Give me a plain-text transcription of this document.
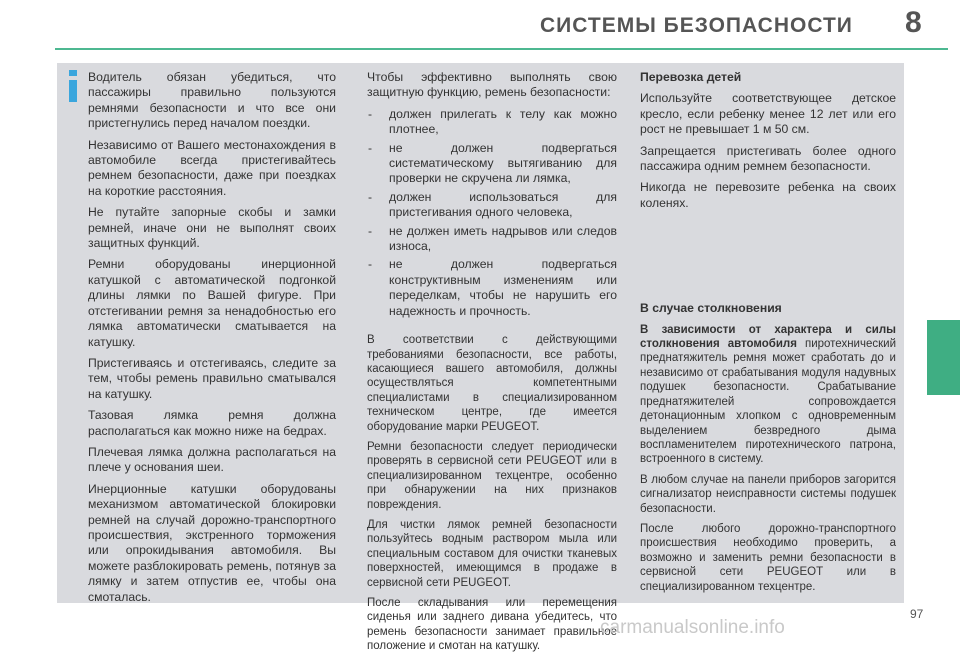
СИСТЕМЫ БЕЗОПАСНОСТИ	8

Водитель обязан убедиться, что пассажиры правильно пользуются ремнями безопасности и что все они пристегнулись перед началом поездки.

Независимо от Вашего местонахождения в автомобиле всегда пристегивайтесь ремнем безопасности, даже при поездках на короткие расстояния.

Не путайте запорные скобы и замки ремней, иначе они не выполнят своих защитных функций.

Ремни оборудованы инерционной катушкой с автоматической подгонкой длины лямки по Вашей фигуре. При отстегивании ремня за ненадобностью его лямка автоматически сматывается на катушку.

Пристегиваясь и отстегиваясь, следите за тем, чтобы ремень правильно сматывался на катушку.

Тазовая лямка ремня должна располагаться как можно ниже на бедрах.

Плечевая лямка должна располагаться на плече у основания шеи.

Инерционные катушки оборудованы механизмом автоматической блокировки ремней на случай дорожно-транспортного происшествия, экстренного торможения или опрокидывания автомобиля. Вы можете разблокировать ремень, потянув за лямку и затем отпустив ее, чтобы она смоталась.

Чтобы эффективно выполнять свою защитную функцию, ремень безопасности:

- должен прилегать к телу как можно плотнее,
- не должен подвергаться систематическому вытягиванию для проверки не скручена ли лямка,
- должен использоваться для пристегивания одного человека,
- не должен иметь надрывов или следов износа,
- не должен подвергаться конструктивным изменениям или переделкам, чтобы не нарушить его надежность и прочность.

В соответствии с действующими требованиями безопасности, все работы, касающиеся вашего автомобиля, должны осуществляться компетентными специалистами в специализированном техническом центре, где имеется оборудование марки PEUGEOT.

Ремни безопасности следует периодически проверять в сервисной сети PEUGEOT или в специализированном техцентре, особенно при обнаружении на них признаков повреждения.

Для чистки лямок ремней безопасности пользуйтесь водным раствором мыла или специальным составом для очистки тканевых поверхностей, имеющимся в продаже в сервисной сети PEUGEOT.

После складывания или перемещения сиденья или заднего дивана убедитесь, что ремень безопасности занимает правильное положение и смотан на катушку.

Перевозка детей

Используйте соответствующее детское кресло, если ребенку менее 12 лет или его рост не превышает 1 м 50 см.

Запрещается пристегивать более одного пассажира одним ремнем безопасности.

Никогда не перевозите ребенка на своих коленях.

В случае столкновения

В зависимости от характера и силы столкновения автомобиля пиротехнический преднатяжитель ремня может сработать до и независимо от срабатывания модуля надувных подушек безопасности. Срабатывание преднатяжителей сопровождается детонационным хлопком с одновременным выделением безвредного дыма воспламенителем пиротехнического патрона, встроенного в систему.

В любом случае на панели приборов загорится сигнализатор неисправности системы подушек безопасности.

После любого дорожно-транспортного происшествия необходимо проверить, а возможно и заменить ремни безопасности в сервисной сети PEUGEOT или в специализированном техцентре.

97
carmanualsonline.info
